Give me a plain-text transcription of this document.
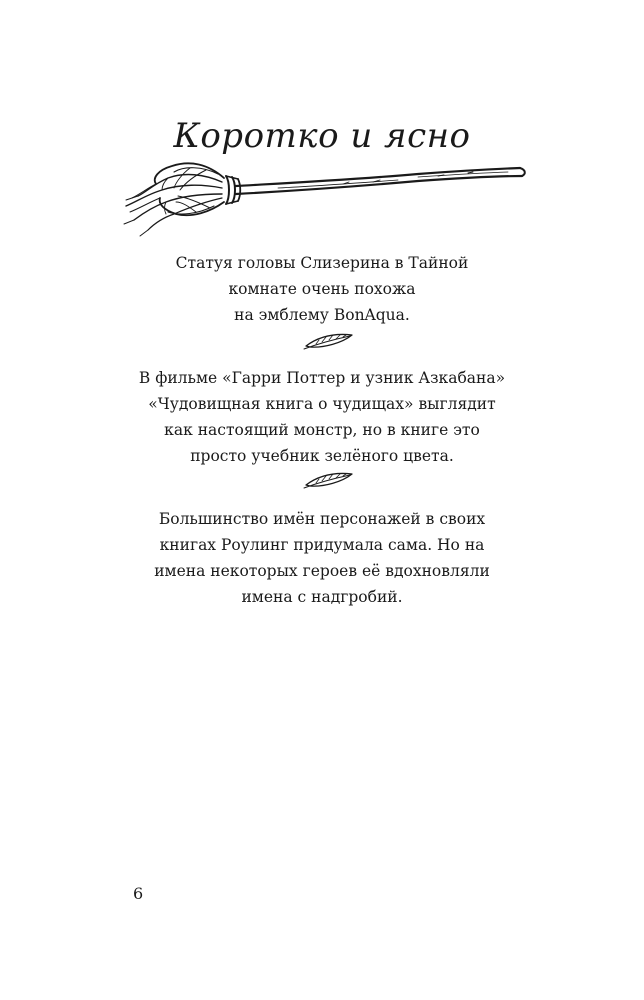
Коротко и ясно
Статуя головы Слизерина в Тайной
комнате очень похожа
на эмблему BonAqua.
В фильме «Гарри Поттер и узник Азкабана»
«Чудовищная книга о чудищах» выглядит
как настоящий монстр, но в книге это
просто учебник зелёного цвета.
Большинство имён персонажей в своих
книгах Роулинг придумала сама. Но на
имена некоторых героев её вдохновляли
имена с надгробий.
6
